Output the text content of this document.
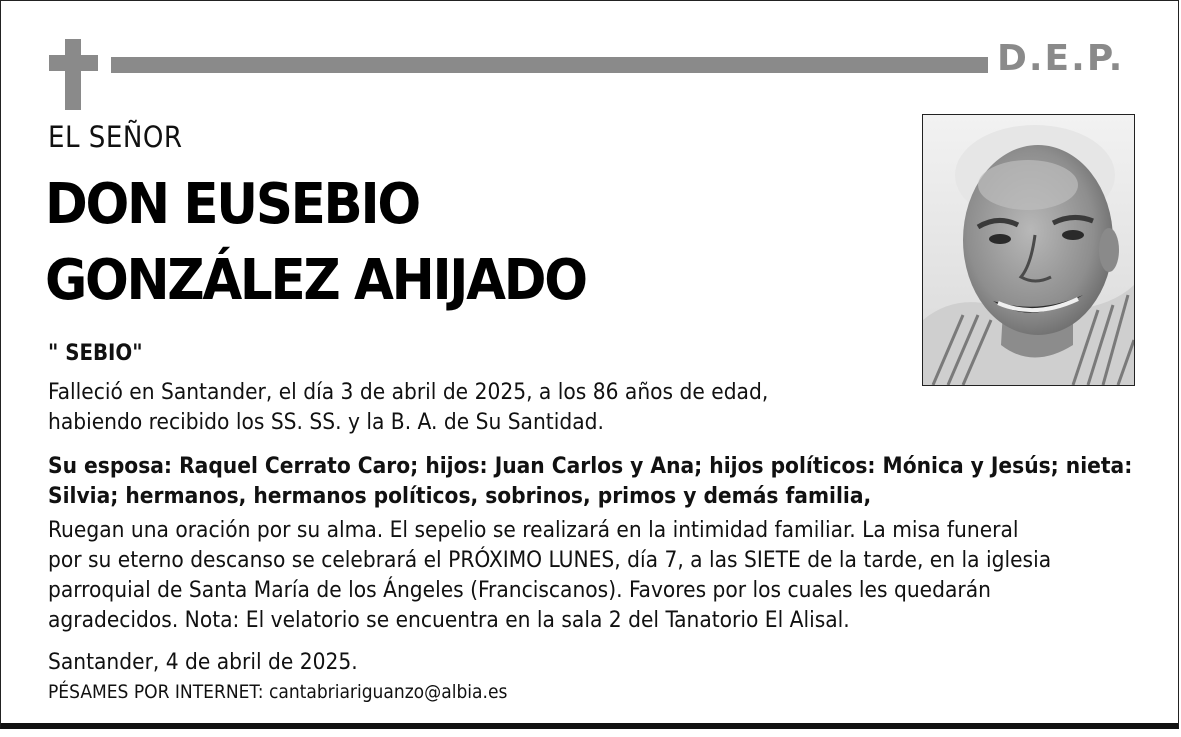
D.E.P.
EL SEÑOR
DON EUSEBIO
GONZÁLEZ AHIJADO
" SEBIO"
Falleció en Santander, el día 3 de abril de 2025, a los 86 años de edad,
habiendo recibido los SS. SS. y la B. A. de Su Santidad.
Su esposa: Raquel Cerrato Caro; hijos: Juan Carlos y Ana; hijos políticos: Mónica y Jesús; nieta:
Silvia; hermanos, hermanos políticos, sobrinos, primos y demás familia,
Ruegan una oración por su alma. El sepelio se realizará en la intimidad familiar. La misa funeral
por su eterno descanso se celebrará el PRÓXIMO LUNES, día 7, a las SIETE de la tarde, en la iglesia
parroquial de Santa María de los Ángeles (Franciscanos). Favores por los cuales les quedarán
agradecidos. Nota: El velatorio se encuentra en la sala 2 del Tanatorio El Alisal.
Santander, 4 de abril de 2025.
PÉSAMES POR INTERNET: cantabriariguanzo@albia.es
